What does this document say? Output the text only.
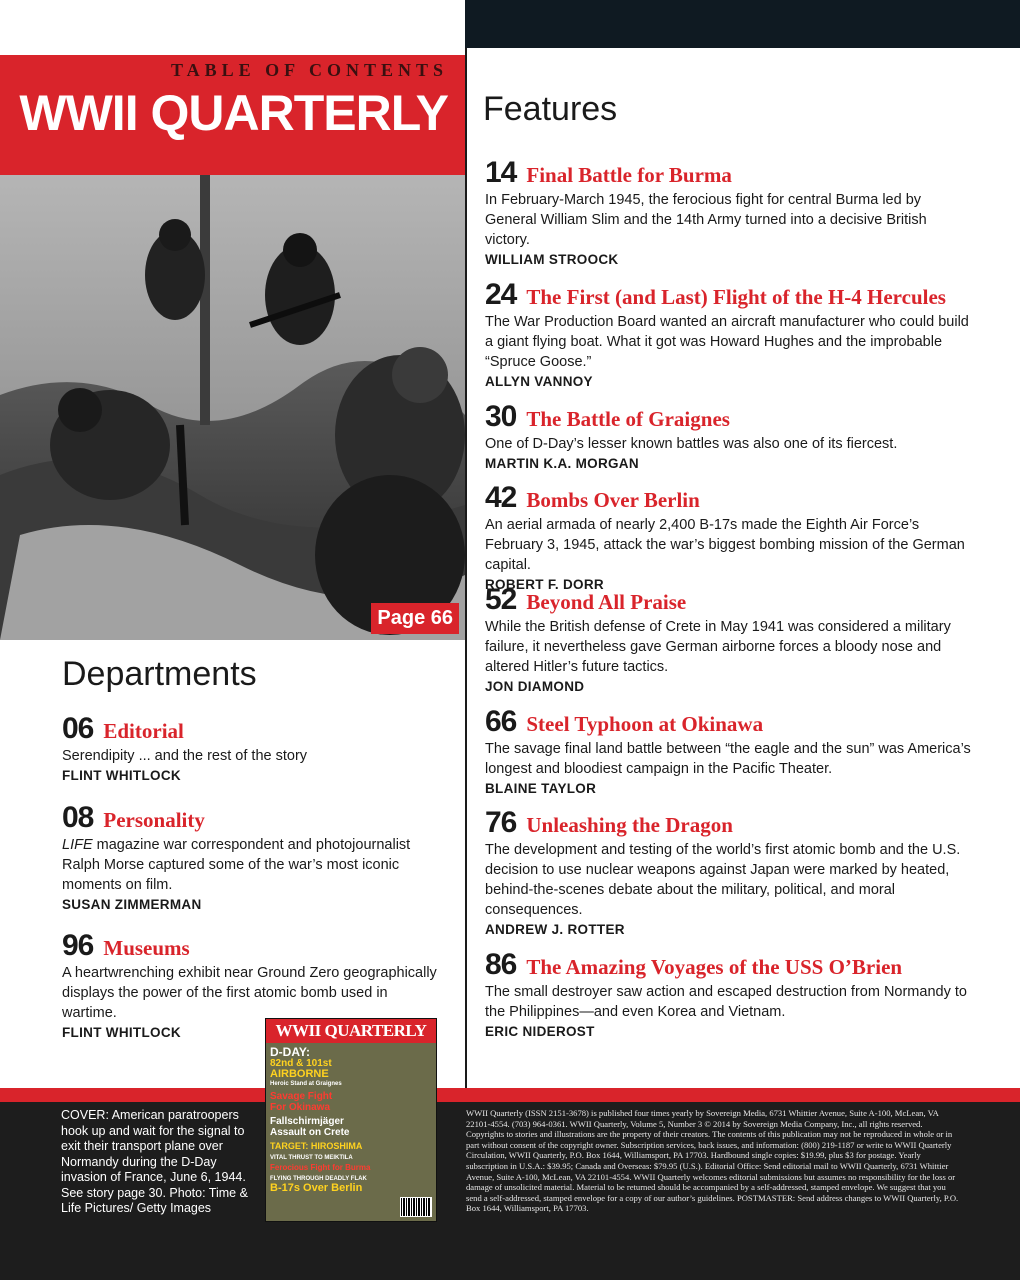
TABLE OF CONTENTS
WWII QUARTERLY
Page 66
Features
14 Final Battle for Burma
In February-March 1945, the ferocious fight for central Burma led by General William Slim and the 14th Army turned into a decisive British victory.
WILLIAM STROOCK
24 The First (and Last) Flight of the H-4 Hercules
The War Production Board wanted an aircraft manufacturer who could build a giant flying boat. What it got was Howard Hughes and the improbable “Spruce Goose.”
ALLYN VANNOY
30 The Battle of Graignes
One of D-Day’s lesser known battles was also one of its fiercest.
MARTIN K.A. MORGAN
42 Bombs Over Berlin
An aerial armada of nearly 2,400 B-17s made the Eighth Air Force’s February 3, 1945, attack the war’s biggest bombing mission of the German capital.
ROBERT F. DORR
52 Beyond All Praise
While the British defense of Crete in May 1941 was considered a military failure, it nevertheless gave German airborne forces a bloody nose and altered Hitler’s future tactics.
JON DIAMOND
66 Steel Typhoon at Okinawa
The savage final land battle between “the eagle and the sun” was America’s longest and bloodiest campaign in the Pacific Theater.
BLAINE TAYLOR
76 Unleashing the Dragon
The development and testing of the world’s first atomic bomb and the U.S. decision to use nuclear weapons against Japan were marked by heated, behind-the-scenes debate about the military, political, and moral consequences.
ANDREW J. ROTTER
86 The Amazing Voyages of the USS O’Brien
The small destroyer saw action and escaped destruction from Normandy to the Philippines—and even Korea and Vietnam.
ERIC NIDEROST
Departments
06 Editorial
Serendipity ... and the rest of the story
FLINT WHITLOCK
08 Personality
LIFE magazine war correspondent and photojournalist Ralph Morse captured some of the war’s most iconic moments on film.
SUSAN ZIMMERMAN
96 Museums
A heartwrenching exhibit near Ground Zero geographically displays the power of the first atomic bomb used in wartime.
FLINT WHITLOCK
COVER: American paratroopers hook up and wait for the signal to exit their transport plane over Normandy during the D-Day invasion of France, June 6, 1944. See story page 30. Photo: Time & Life Pictures/ Getty Images
WWII Quarterly (ISSN 2151-3678) is published four times yearly by Sovereign Media, 6731 Whittier Avenue, Suite A-100, McLean, VA 22101-4554. (703) 964-0361. WWII Quarterly, Volume 5, Number 3 © 2014 by Sovereign Media Company, Inc., all rights reserved. Copyrights to stories and illustrations are the property of their creators. The contents of this publication may not be reproduced in whole or in part without consent of the copyright owner. Subscription services, back issues, and information: (800) 219-1187 or write to WWII Quarterly Circulation, WWII Quarterly, P.O. Box 1644, Williamsport, PA 17703. Hardbound single copies: $19.99, plus $3 for postage. Yearly subscription in U.S.A.: $39.95; Canada and Overseas: $79.95 (U.S.). Editorial Office: Send editorial mail to WWII Quarterly, 6731 Whittier Avenue, Suite A-100, McLean, VA 22101-4554. WWII Quarterly welcomes editorial submissions but assumes no responsibility for the loss or damage of unsolicited material. Material to be returned should be accompanied by a self-addressed, stamped envelope. We suggest that you send a self-addressed, stamped envelope for a copy of our author’s guidelines. POSTMASTER: Send address changes to WWII Quarterly, P.O. Box 1644, Williamsport, PA 17703.
WWII QUARTERLY
D-DAY:
82nd & 101st
AIRBORNE
Heroic Stand at Graignes
Savage Fight
For Okinawa
Fallschirmjäger
Assault on Crete
TARGET: HIROSHIMA
VITAL THRUST TO MEIKTILA
Ferocious Fight for Burma
FLYING THROUGH DEADLY FLAK
B-17s Over Berlin
